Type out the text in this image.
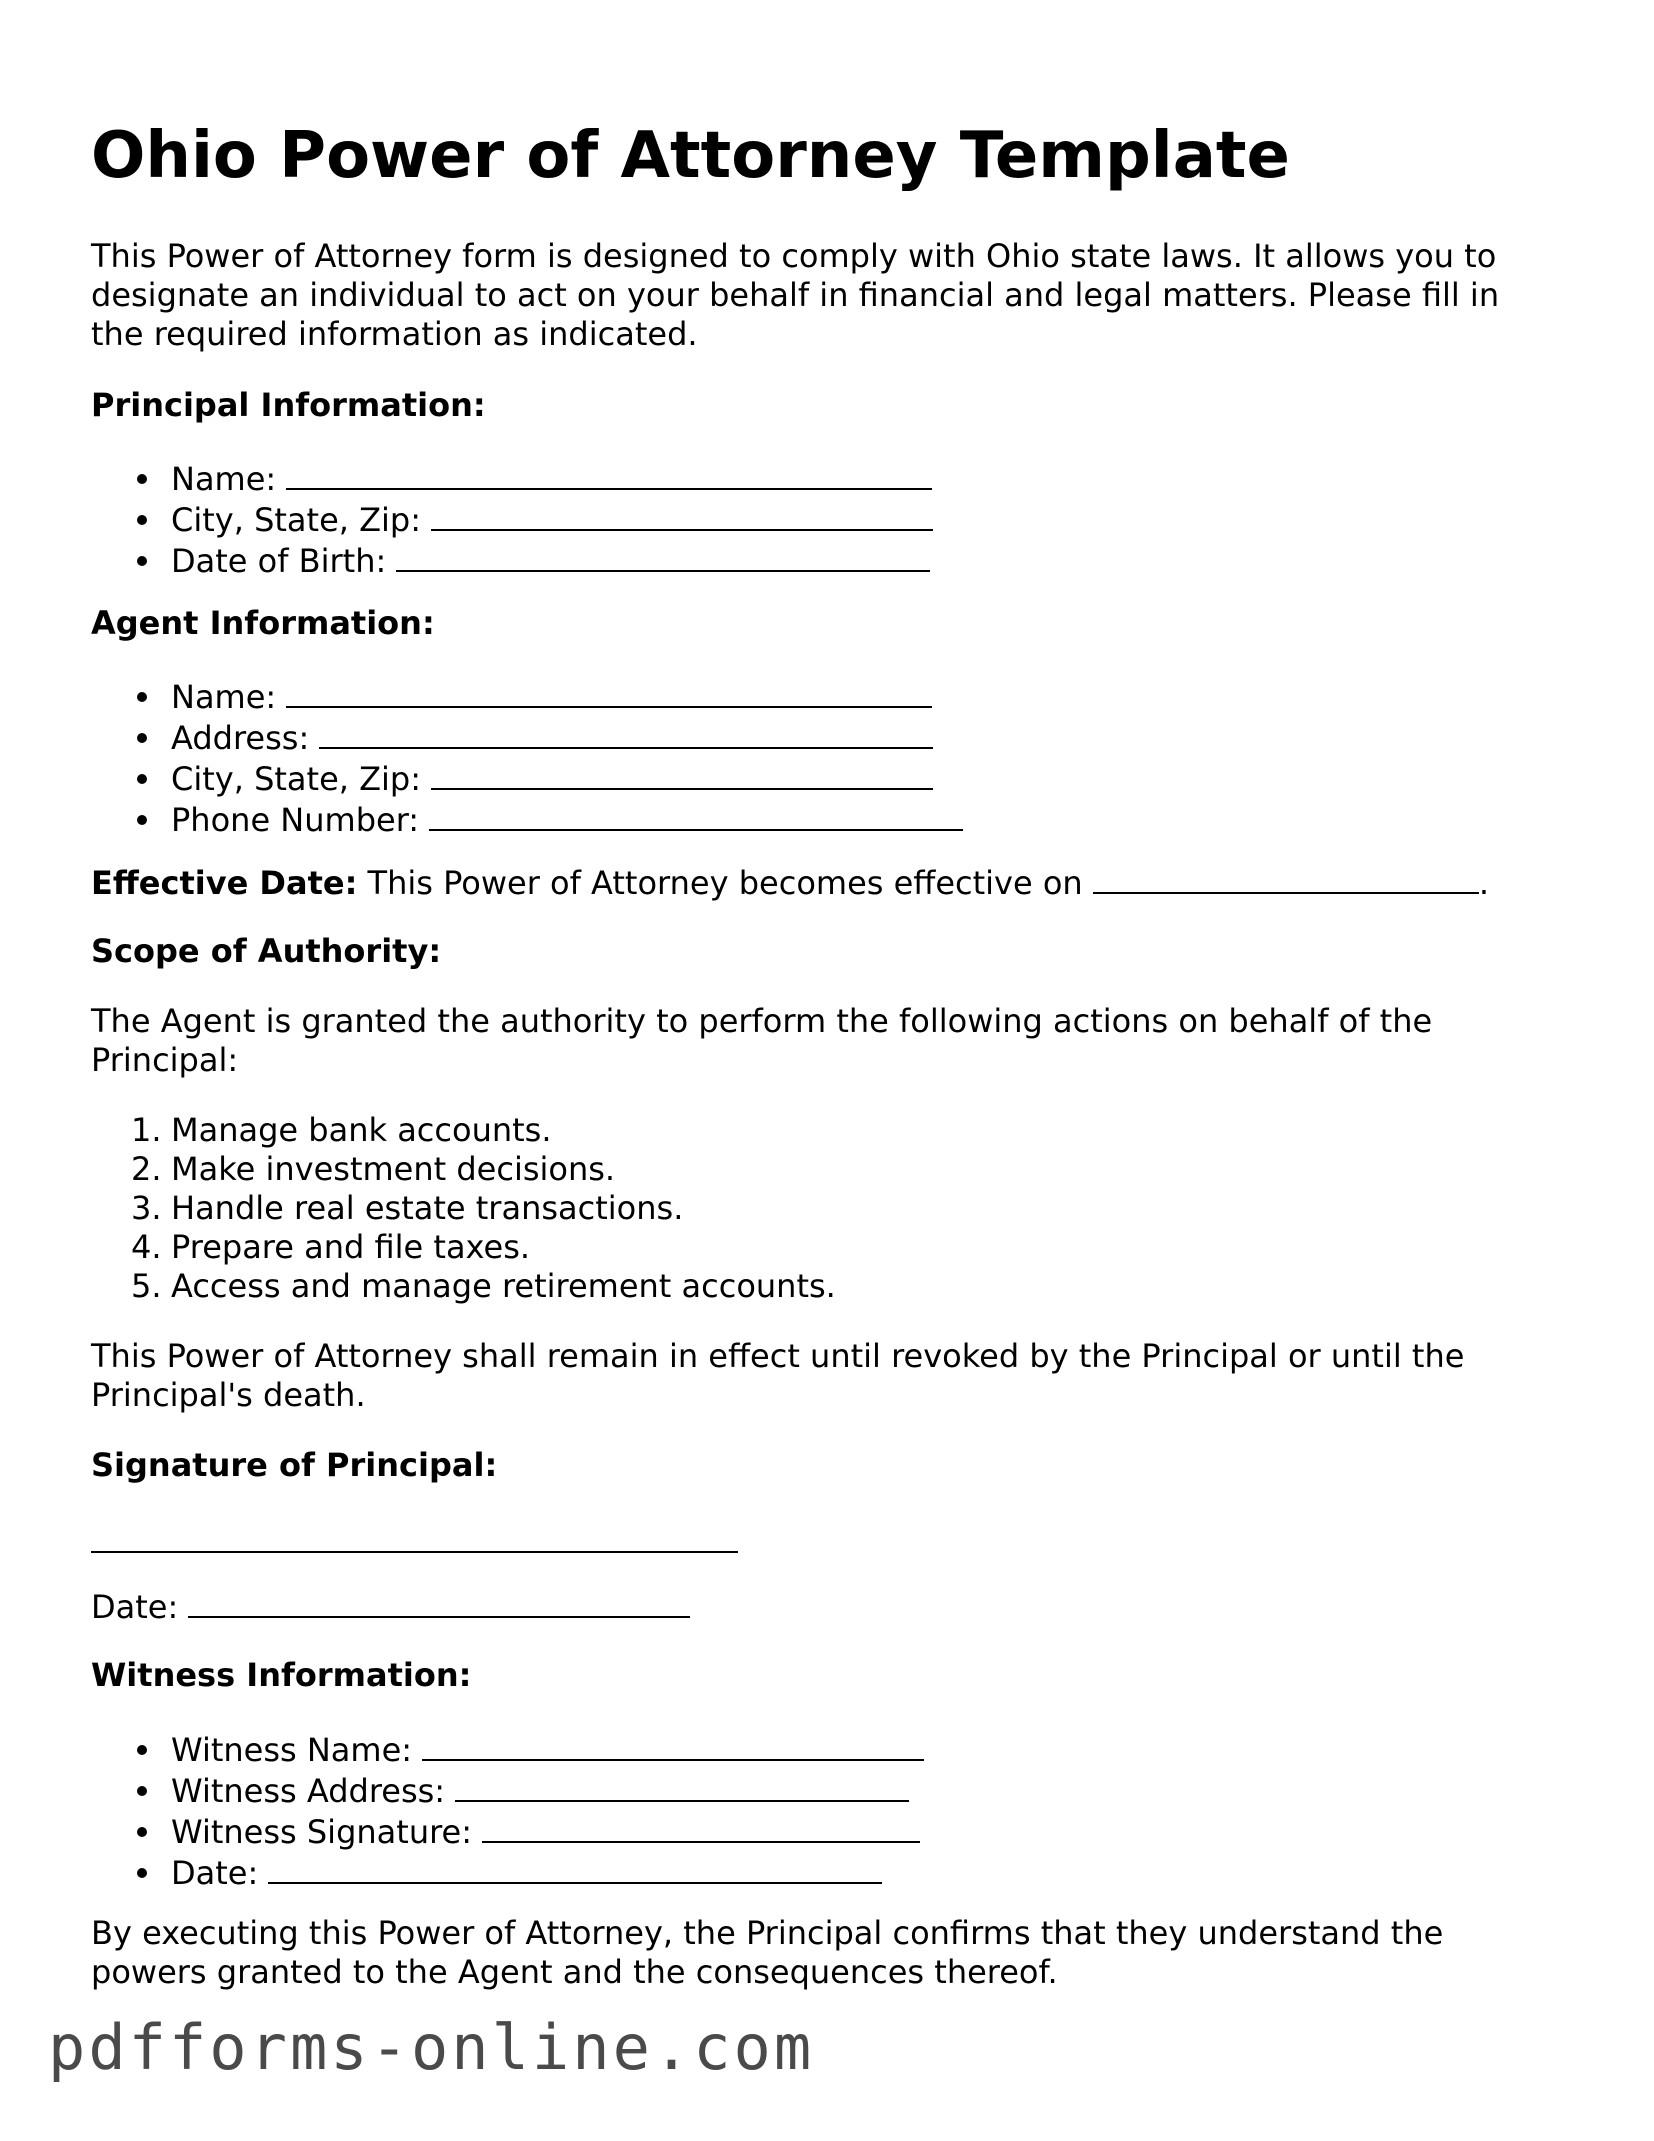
Ohio Power of Attorney Template

This Power of Attorney form is designed to comply with Ohio state laws. It allows you to designate an individual to act on your behalf in financial and legal matters. Please fill in the required information as indicated.

Principal Information:
Name:
City, State, Zip:
Date of Birth:
Agent Information:
Name:
Address:
City, State, Zip:
Phone Number:

Effective Date: This Power of Attorney becomes effective on	.

Scope of Authority:

The Agent is granted the authority to perform the following actions on behalf of the Principal:

1. Manage bank accounts.
2. Make investment decisions.
3. Handle real estate transactions.
4. Prepare and file taxes.
5. Access and manage retirement accounts.

This Power of Attorney shall remain in effect until revoked by the Principal or until the Principal's death.

Signature of Principal:

Date:

Witness Information:
Witness Name:
Witness Address:
Witness Signature:
Date:

By executing this Power of Attorney, the Principal confirms that they understand the powers granted to the Agent and the consequences thereof.

pdfforms-online.com
